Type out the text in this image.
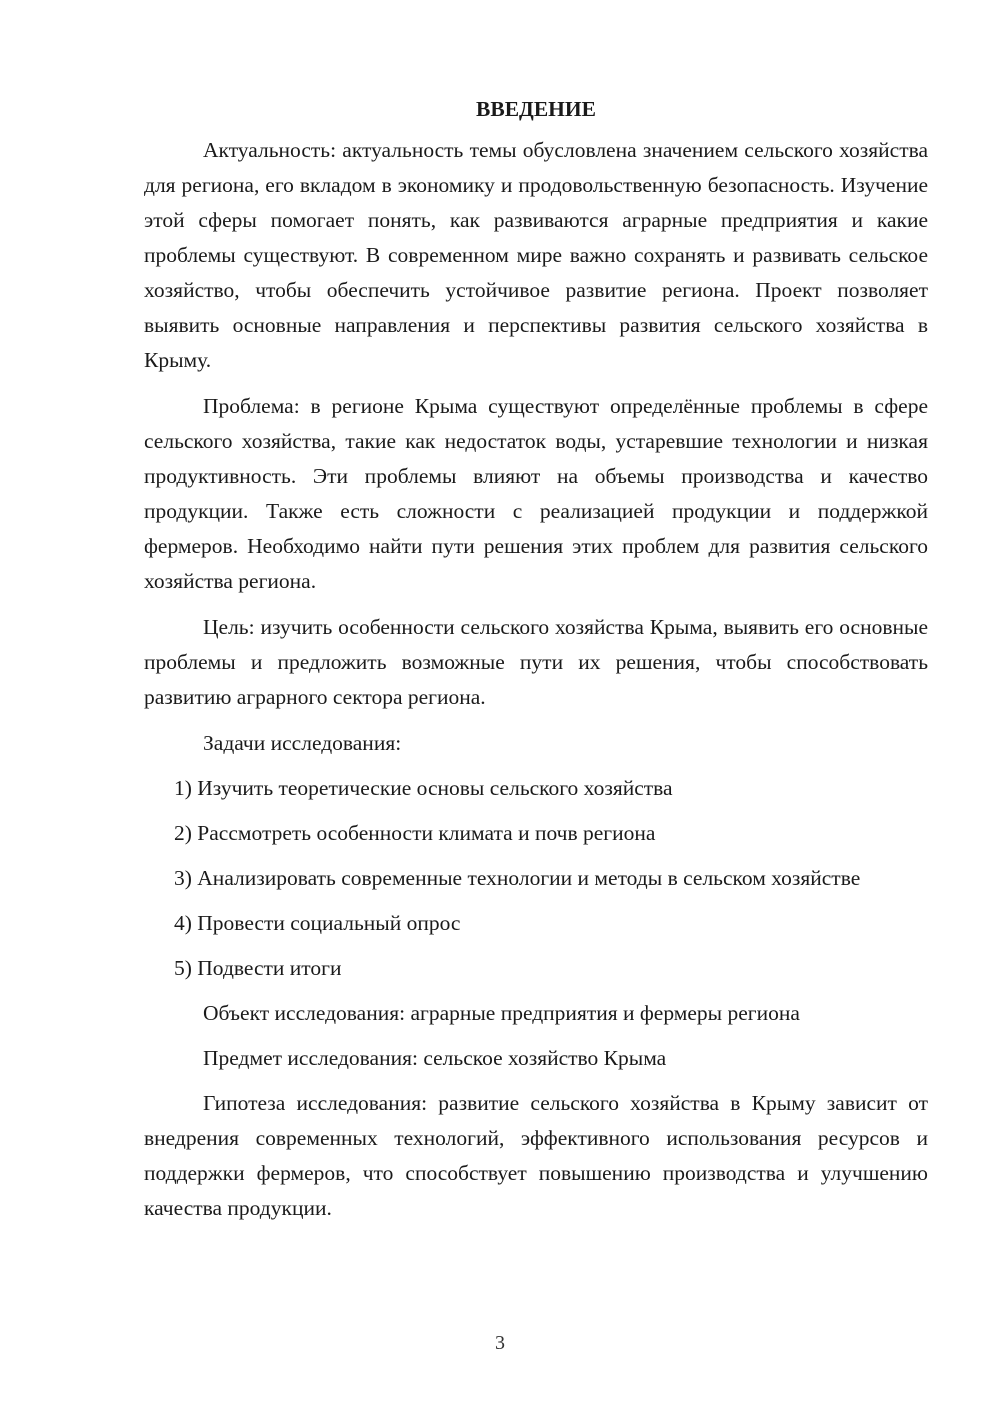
ВВЕДЕНИЕ

Актуальность: актуальность темы обусловлена значением сельского хозяйства для региона, его вкладом в экономику и продовольственную безопасность. Изучение этой сферы помогает понять, как развиваются аграрные предприятия и какие проблемы существуют. В современном мире важно сохранять и развивать сельское хозяйство, чтобы обеспечить устойчивое развитие региона. Проект позволяет выявить основные направления и перспективы развития сельского хозяйства в Крыму.

Проблема: в регионе Крыма существуют определённые проблемы в сфере сельского хозяйства, такие как недостаток воды, устаревшие технологии и низкая продуктивность. Эти проблемы влияют на объемы производства и качество продукции. Также есть сложности с реализацией продукции и поддержкой фермеров. Необходимо найти пути решения этих проблем для развития сельского хозяйства региона.

Цель: изучить особенности сельского хозяйства Крыма, выявить его основные проблемы и предложить возможные пути их решения, чтобы способствовать развитию аграрного сектора региона.

Задачи исследования:

1) Изучить теоретические основы сельского хозяйства

2) Рассмотреть особенности климата и почв региона

3) Анализировать современные технологии и методы в сельском хозяйстве

4) Провести социальный опрос

5) Подвести итоги

Объект исследования: аграрные предприятия и фермеры региона

Предмет исследования: сельское хозяйство Крыма

Гипотеза исследования: развитие сельского хозяйства в Крыму зависит от внедрения современных технологий, эффективного использования ресурсов и поддержки фермеров, что способствует повышению производства и улучшению качества продукции.

3
